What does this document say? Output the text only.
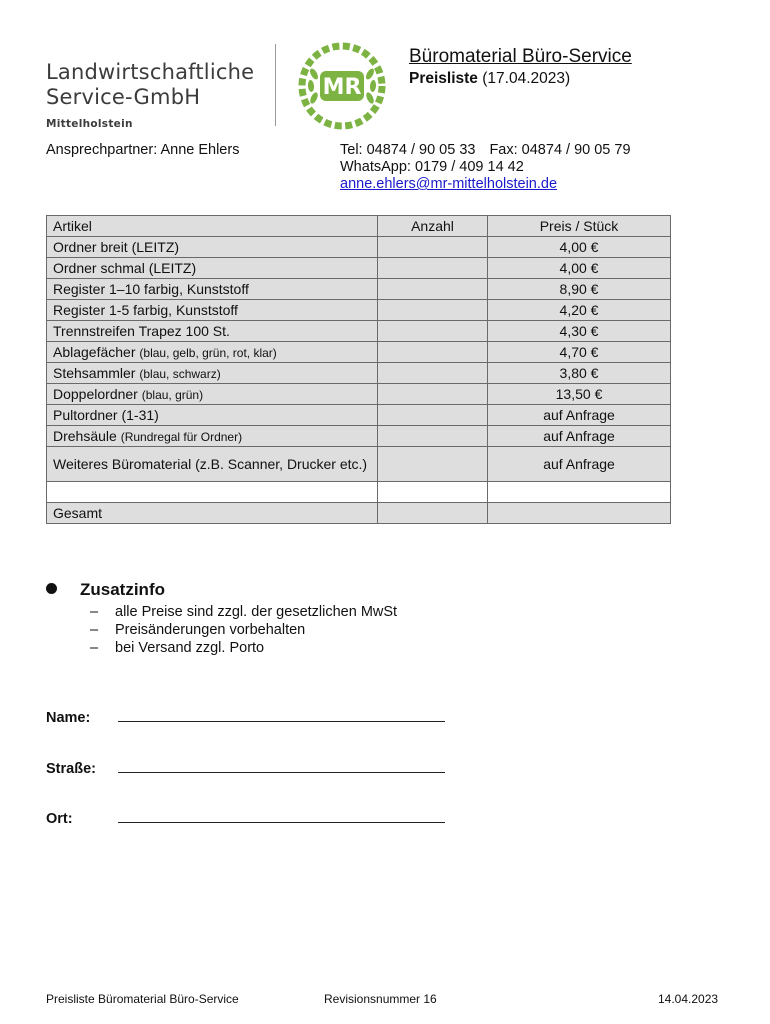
Landwirtschaftliche
Service-GmbH
Mittelholstein
MR
Büromaterial Büro-Service
Preisliste (17.04.2023)
Ansprechpartner: Anne Ehlers	Tel: 04874 / 90 05 33 Fax: 04874 / 90 05 79
WhatsApp: 0179 / 409 14 42
anne.ehlers@mr-mittelholstein.de
Artikel	Anzahl	Preis / Stück
Ordner breit (LEITZ)		4,00 €
Ordner schmal (LEITZ)		4,00 €
Register 1–10 farbig, Kunststoff		8,90 €
Register 1-5 farbig, Kunststoff		4,20 €
Trennstreifen Trapez 100 St.		4,30 €
Ablagefächer (blau, gelb, grün, rot, klar)		4,70 €
Stehsammler (blau, schwarz)		3,80 €
Doppelordner (blau, grün)		13,50 €
Pultordner (1-31)		auf Anfrage
Drehsäule (Rundregal für Ordner)		auf Anfrage
Weiteres Büromaterial (z.B. Scanner, Drucker etc.)		auf Anfrage

Gesamt		
Zusatzinfo
– alle Preise sind zzgl. der gesetzlichen MwSt
– Preisänderungen vorbehalten
– bei Versand zzgl. Porto
Name:
Straße:
Ort:
Preisliste Büromaterial Büro-Service	Revisionsnummer 16	14.04.2023
